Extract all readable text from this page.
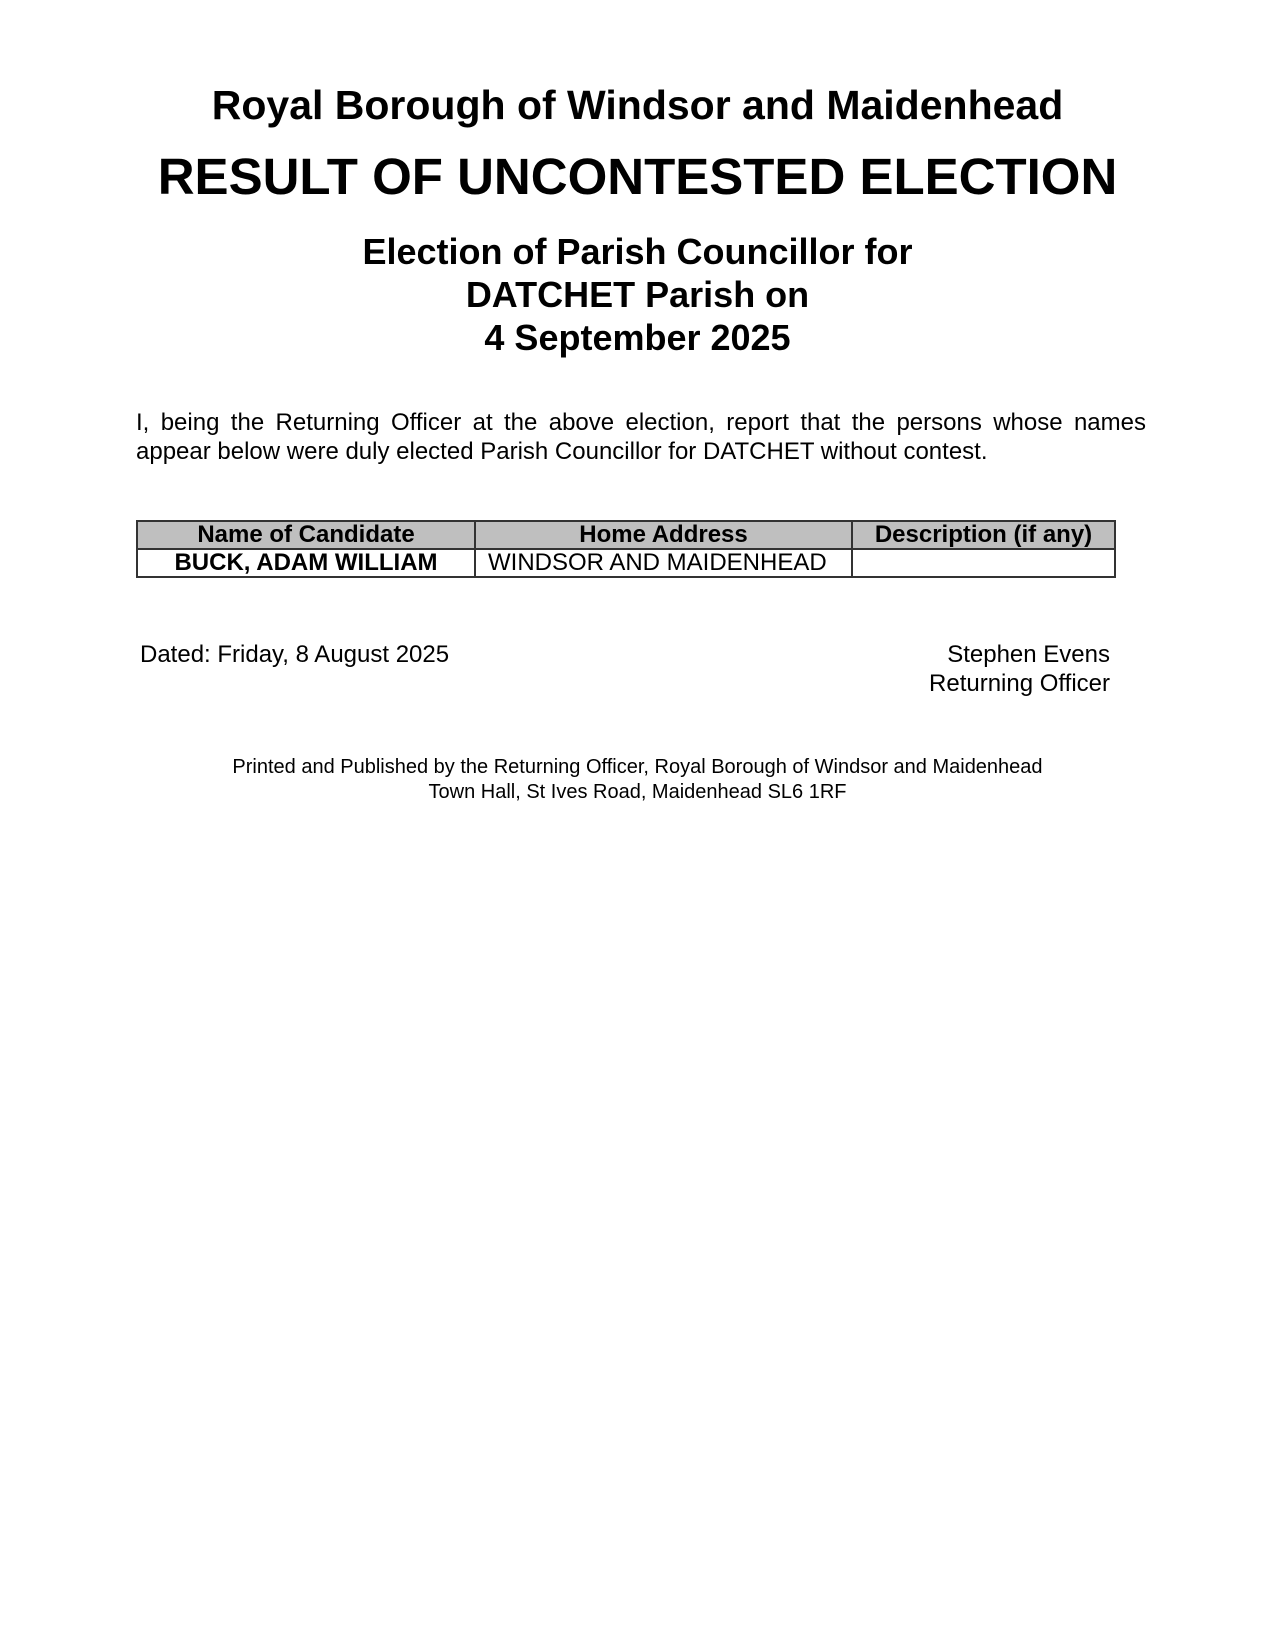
Royal Borough of Windsor and Maidenhead
RESULT OF UNCONTESTED ELECTION
Election of Parish Councillor for
DATCHET Parish on
4 September 2025
I, being the Returning Officer at the above election, report that the persons whose names appear below were duly elected Parish Councillor for DATCHET without contest.
Name of Candidate	Home Address	Description (if any)
BUCK, ADAM WILLIAM	WINDSOR AND MAIDENHEAD	
Dated: Friday, 8 August 2025	Stephen Evens
Returning Officer
Printed and Published by the Returning Officer, Royal Borough of Windsor and Maidenhead
Town Hall, St Ives Road, Maidenhead SL6 1RF
